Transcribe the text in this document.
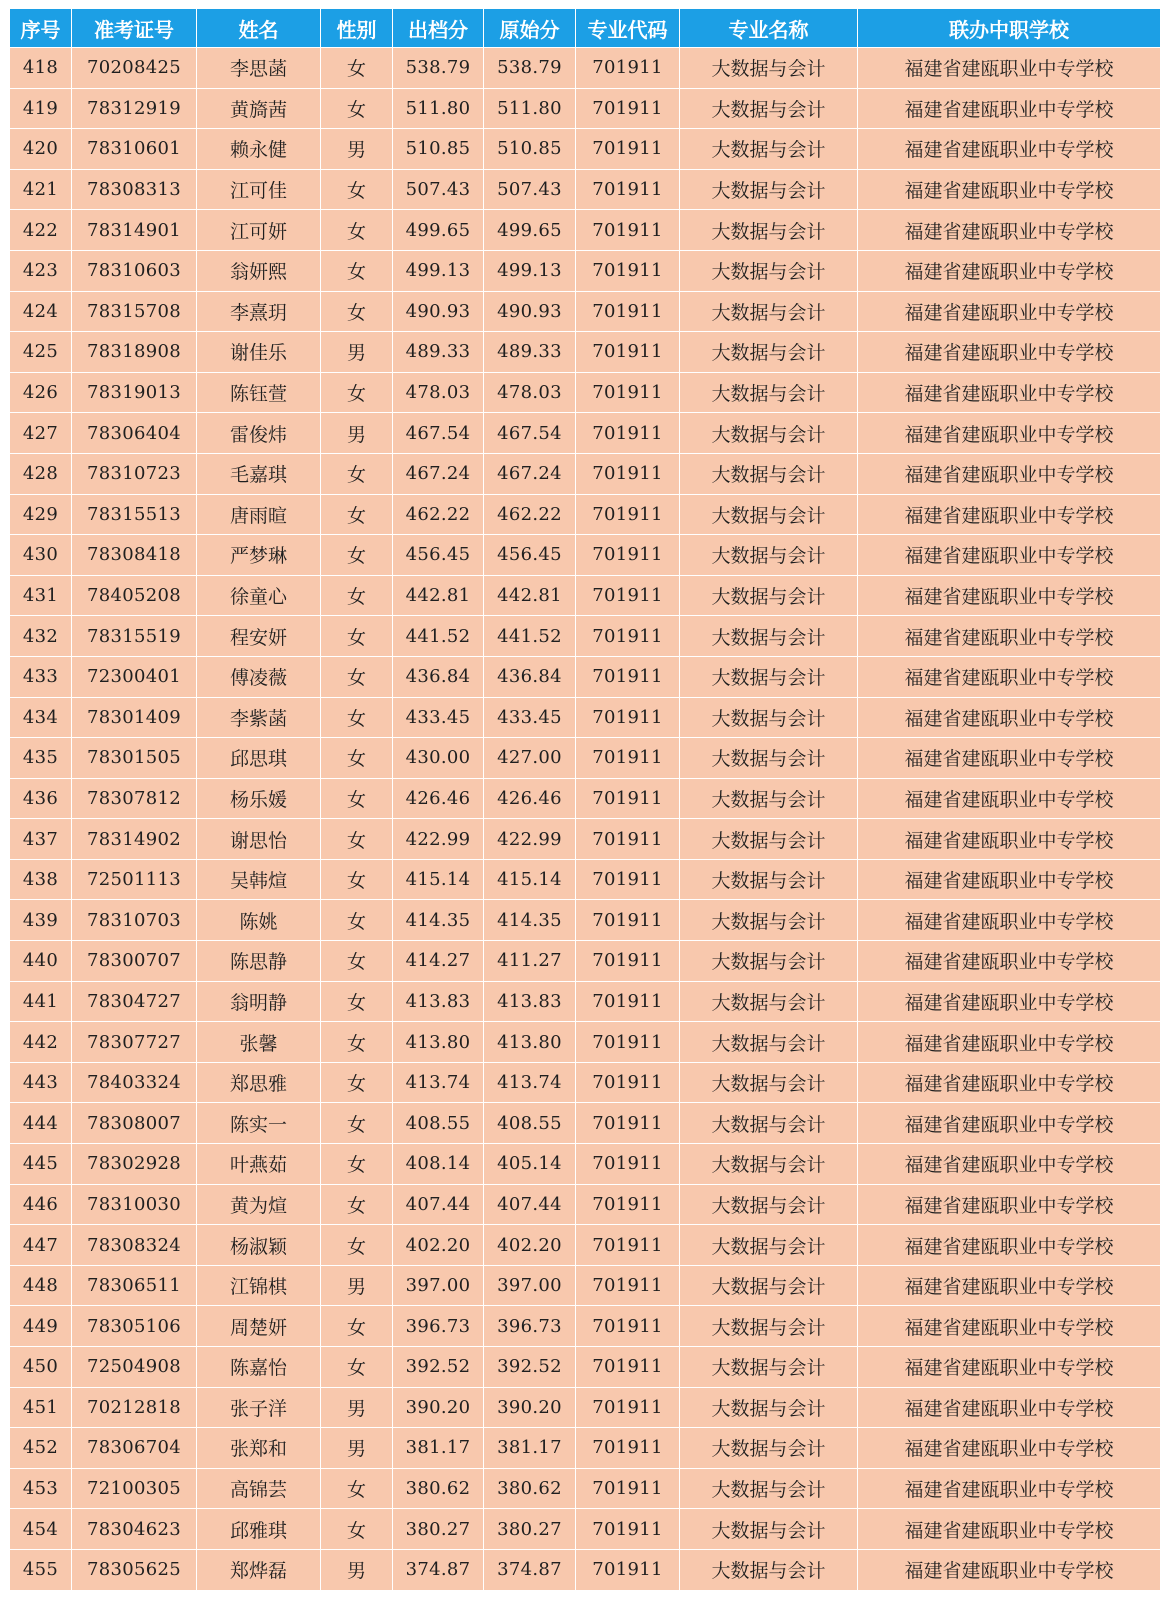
序号	准考证号	姓名	性别	出档分	原始分	专业代码	专业名称	联办中职学校
418	70208425	李思菡	女	538.79	538.79	701911	大数据与会计	福建省建瓯职业中专学校
419	78312919	黄旖茜	女	511.80	511.80	701911	大数据与会计	福建省建瓯职业中专学校
420	78310601	赖永健	男	510.85	510.85	701911	大数据与会计	福建省建瓯职业中专学校
421	78308313	江可佳	女	507.43	507.43	701911	大数据与会计	福建省建瓯职业中专学校
422	78314901	江可妍	女	499.65	499.65	701911	大数据与会计	福建省建瓯职业中专学校
423	78310603	翁妍熙	女	499.13	499.13	701911	大数据与会计	福建省建瓯职业中专学校
424	78315708	李熹玥	女	490.93	490.93	701911	大数据与会计	福建省建瓯职业中专学校
425	78318908	谢佳乐	男	489.33	489.33	701911	大数据与会计	福建省建瓯职业中专学校
426	78319013	陈钰萱	女	478.03	478.03	701911	大数据与会计	福建省建瓯职业中专学校
427	78306404	雷俊炜	男	467.54	467.54	701911	大数据与会计	福建省建瓯职业中专学校
428	78310723	毛嘉琪	女	467.24	467.24	701911	大数据与会计	福建省建瓯职业中专学校
429	78315513	唐雨暄	女	462.22	462.22	701911	大数据与会计	福建省建瓯职业中专学校
430	78308418	严梦琳	女	456.45	456.45	701911	大数据与会计	福建省建瓯职业中专学校
431	78405208	徐童心	女	442.81	442.81	701911	大数据与会计	福建省建瓯职业中专学校
432	78315519	程安妍	女	441.52	441.52	701911	大数据与会计	福建省建瓯职业中专学校
433	72300401	傅凌薇	女	436.84	436.84	701911	大数据与会计	福建省建瓯职业中专学校
434	78301409	李紫菡	女	433.45	433.45	701911	大数据与会计	福建省建瓯职业中专学校
435	78301505	邱思琪	女	430.00	427.00	701911	大数据与会计	福建省建瓯职业中专学校
436	78307812	杨乐媛	女	426.46	426.46	701911	大数据与会计	福建省建瓯职业中专学校
437	78314902	谢思怡	女	422.99	422.99	701911	大数据与会计	福建省建瓯职业中专学校
438	72501113	吴韩煊	女	415.14	415.14	701911	大数据与会计	福建省建瓯职业中专学校
439	78310703	陈姚	女	414.35	414.35	701911	大数据与会计	福建省建瓯职业中专学校
440	78300707	陈思静	女	414.27	411.27	701911	大数据与会计	福建省建瓯职业中专学校
441	78304727	翁明静	女	413.83	413.83	701911	大数据与会计	福建省建瓯职业中专学校
442	78307727	张馨	女	413.80	413.80	701911	大数据与会计	福建省建瓯职业中专学校
443	78403324	郑思雅	女	413.74	413.74	701911	大数据与会计	福建省建瓯职业中专学校
444	78308007	陈实一	女	408.55	408.55	701911	大数据与会计	福建省建瓯职业中专学校
445	78302928	叶燕茹	女	408.14	405.14	701911	大数据与会计	福建省建瓯职业中专学校
446	78310030	黄为煊	女	407.44	407.44	701911	大数据与会计	福建省建瓯职业中专学校
447	78308324	杨淑颖	女	402.20	402.20	701911	大数据与会计	福建省建瓯职业中专学校
448	78306511	江锦棋	男	397.00	397.00	701911	大数据与会计	福建省建瓯职业中专学校
449	78305106	周楚妍	女	396.73	396.73	701911	大数据与会计	福建省建瓯职业中专学校
450	72504908	陈嘉怡	女	392.52	392.52	701911	大数据与会计	福建省建瓯职业中专学校
451	70212818	张子洋	男	390.20	390.20	701911	大数据与会计	福建省建瓯职业中专学校
452	78306704	张郑和	男	381.17	381.17	701911	大数据与会计	福建省建瓯职业中专学校
453	72100305	高锦芸	女	380.62	380.62	701911	大数据与会计	福建省建瓯职业中专学校
454	78304623	邱雅琪	女	380.27	380.27	701911	大数据与会计	福建省建瓯职业中专学校
455	78305625	郑烨磊	男	374.87	374.87	701911	大数据与会计	福建省建瓯职业中专学校
